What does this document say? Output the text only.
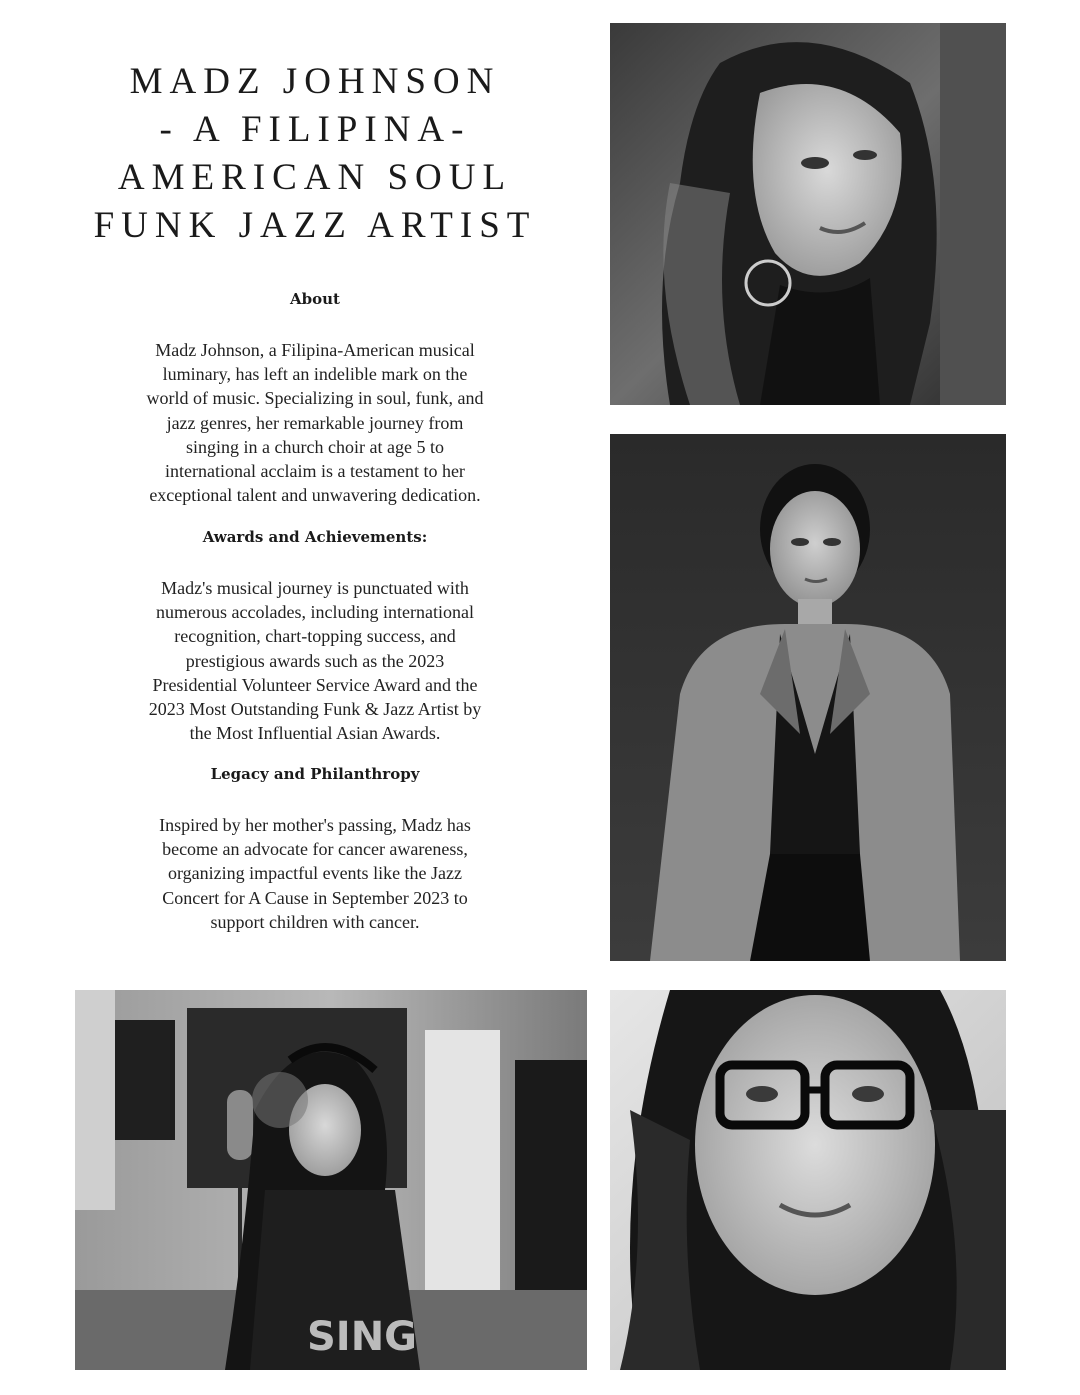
MADZ JOHNSON
- A FILIPINA-
AMERICAN SOUL
FUNK JAZZ ARTIST

About

Madz Johnson, a Filipina-American musical
luminary, has left an indelible mark on the
world of music. Specializing in soul, funk, and
jazz genres, her remarkable journey from
singing in a church choir at age 5 to
international acclaim is a testament to her
exceptional talent and unwavering dedication.

Awards and Achievements:

Madz's musical journey is punctuated with
numerous accolades, including international
recognition, chart-topping success, and
prestigious awards such as the 2023
Presidential Volunteer Service Award and the
2023 Most Outstanding Funk & Jazz Artist by
the Most Influential Asian Awards.

Legacy and Philanthropy

Inspired by her mother's passing, Madz has
become an advocate for cancer awareness,
organizing impactful events like the Jazz
Concert for A Cause in September 2023 to
support children with cancer.

SING
